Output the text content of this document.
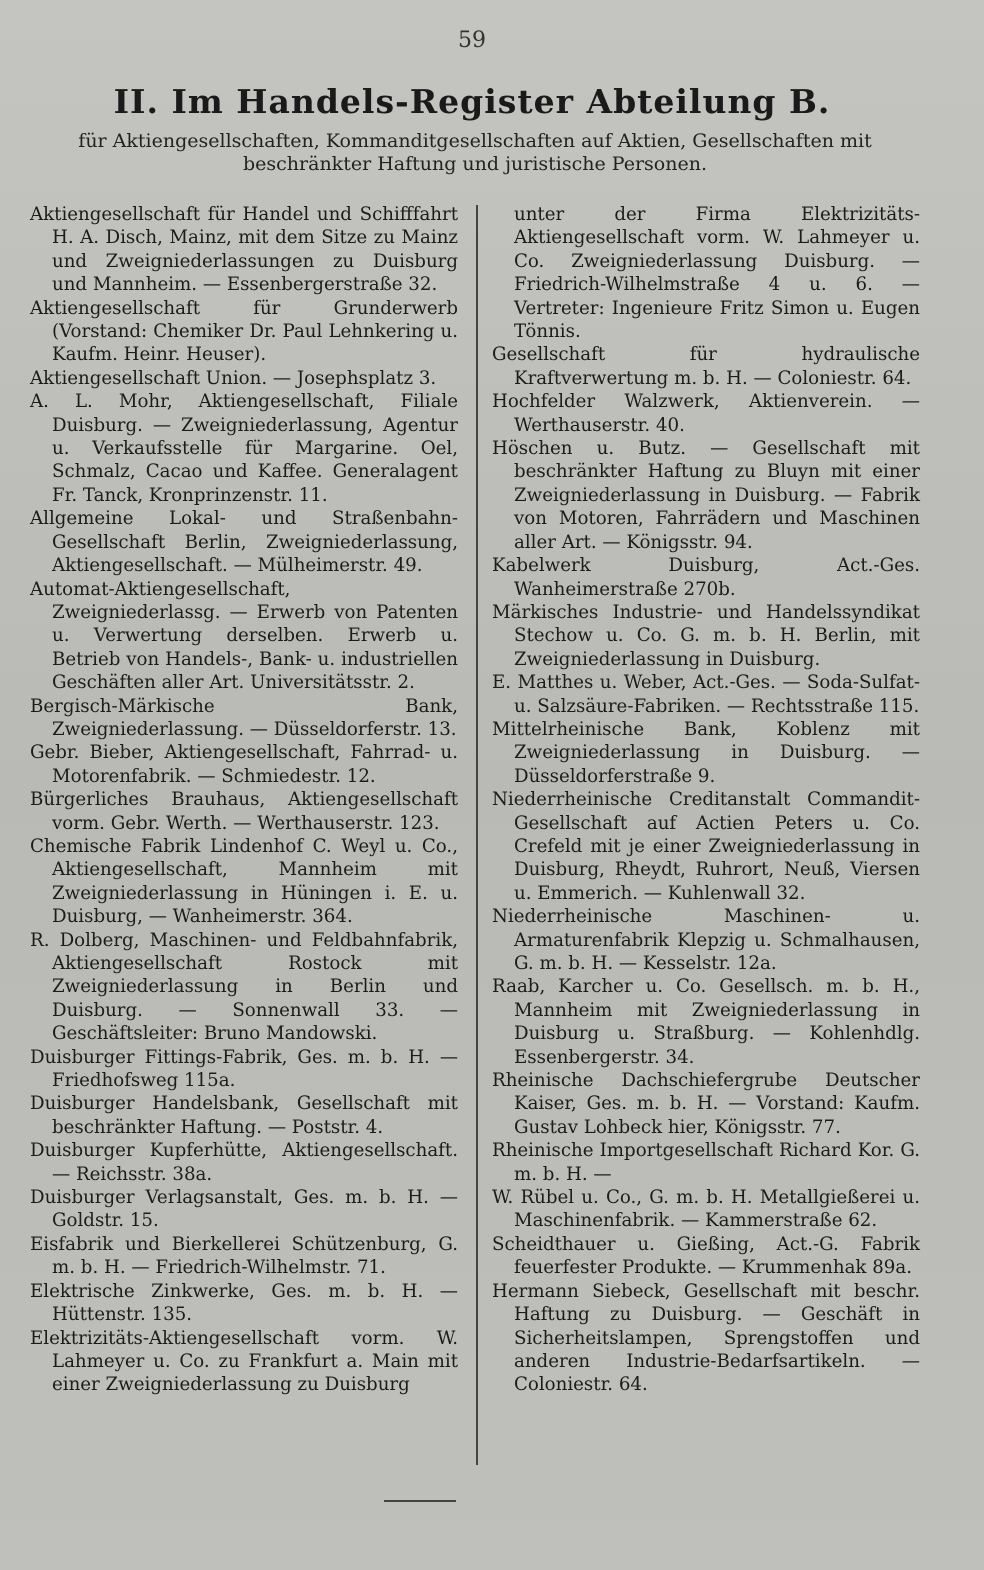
59
II. Im Handels-Register Abteilung B.
für Aktiengesellschaften, Kommanditgesellschaften auf Aktien, Gesellschaften mit beschränkter Haftung und juristische Personen.

Aktiengesellschaft für Handel und Schifffahrt H. A. Disch, Mainz, mit dem Sitze zu Mainz und Zweigniederlassungen zu Duisburg und Mannheim. — Essenbergerstraße 32.

Aktiengesellschaft für Grunderwerb (Vorstand: Chemiker Dr. Paul Lehnkering u. Kaufm. Heinr. Heuser).

Aktiengesellschaft Union. — Josephsplatz 3.

A. L. Mohr, Aktiengesellschaft, Filiale Duisburg. — Zweigniederlassung, Agentur u. Verkaufsstelle für Margarine. Oel, Schmalz, Cacao und Kaffee. Generalagent Fr. Tanck, Kronprinzenstr. 11.

Allgemeine Lokal- und Straßenbahn-Gesellschaft Berlin, Zweigniederlassung, Aktiengesellschaft. — Mülheimerstr. 49.

Automat-Aktiengesellschaft, Zweigniederlassg. — Erwerb von Patenten u. Verwertung derselben. Erwerb u. Betrieb von Handels-, Bank- u. industriellen Geschäften aller Art. Universitätsstr. 2.

Bergisch-Märkische Bank, Zweigniederlassung. — Düsseldorferstr. 13.

Gebr. Bieber, Aktiengesellschaft, Fahrrad- u. Motorenfabrik. — Schmiedestr. 12.

Bürgerliches Brauhaus, Aktiengesellschaft vorm. Gebr. Werth. — Werthauserstr. 123.

Chemische Fabrik Lindenhof C. Weyl u. Co., Aktiengesellschaft, Mannheim mit Zweigniederlassung in Hüningen i. E. u. Duisburg, — Wanheimerstr. 364.

R. Dolberg, Maschinen- und Feldbahnfabrik, Aktiengesellschaft Rostock mit Zweigniederlassung in Berlin und Duisburg. — Sonnenwall 33. — Geschäftsleiter: Bruno Mandowski.

Duisburger Fittings-Fabrik, Ges. m. b. H. — Friedhofsweg 115a.

Duisburger Handelsbank, Gesellschaft mit beschränkter Haftung. — Poststr. 4.

Duisburger Kupferhütte, Aktiengesellschaft. — Reichsstr. 38a.

Duisburger Verlagsanstalt, Ges. m. b. H. — Goldstr. 15.

Eisfabrik und Bierkellerei Schützenburg, G. m. b. H. — Friedrich-Wilhelmstr. 71.

Elektrische Zinkwerke, Ges. m. b. H. — Hüttenstr. 135.

Elektrizitäts-Aktiengesellschaft vorm. W. Lahmeyer u. Co. zu Frankfurt a. Main mit einer Zweigniederlassung zu Duisburg

unter der Firma Elektrizitäts-Aktiengesellschaft vorm. W. Lahmeyer u. Co. Zweigniederlassung Duisburg. — Friedrich-Wilhelmstraße 4 u. 6. — Vertreter: Ingenieure Fritz Simon u. Eugen Tönnis.

Gesellschaft für hydraulische Kraftverwertung m. b. H. — Coloniestr. 64.

Hochfelder Walzwerk, Aktienverein. — Werthauserstr. 40.

Höschen u. Butz. — Gesellschaft mit beschränkter Haftung zu Bluyn mit einer Zweigniederlassung in Duisburg. — Fabrik von Motoren, Fahrrädern und Maschinen aller Art. — Königsstr. 94.

Kabelwerk Duisburg, Act.-Ges. Wanheimerstraße 270b.

Märkisches Industrie- und Handelssyndikat Stechow u. Co. G. m. b. H. Berlin, mit Zweigniederlassung in Duisburg.

E. Matthes u. Weber, Act.-Ges. — Soda-Sulfat- u. Salzsäure-Fabriken. — Rechtsstraße 115.

Mittelrheinische Bank, Koblenz mit Zweigniederlassung in Duisburg. — Düsseldorferstraße 9.

Niederrheinische Creditanstalt Commandit-Gesellschaft auf Actien Peters u. Co. Crefeld mit je einer Zweigniederlassung in Duisburg, Rheydt, Ruhrort, Neuß, Viersen u. Emmerich. — Kuhlenwall 32.

Niederrheinische Maschinen- u. Armaturenfabrik Klepzig u. Schmalhausen, G. m. b. H. — Kesselstr. 12a.

Raab, Karcher u. Co. Gesellsch. m. b. H., Mannheim mit Zweigniederlassung in Duisburg u. Straßburg. — Kohlenhdlg. Essenbergerstr. 34.

Rheinische Dachschiefergrube Deutscher Kaiser, Ges. m. b. H. — Vorstand: Kaufm. Gustav Lohbeck hier, Königsstr. 77.

Rheinische Importgesellschaft Richard Kor. G. m. b. H. —

W. Rübel u. Co., G. m. b. H. Metallgießerei u. Maschinenfabrik. — Kammerstraße 62.

Scheidthauer u. Gießing, Act.-G. Fabrik feuerfester Produkte. — Krummenhak 89a.

Hermann Siebeck, Gesellschaft mit beschr. Haftung zu Duisburg. — Geschäft in Sicherheitslampen, Sprengstoffen und anderen Industrie-Bedarfsartikeln. — Coloniestr. 64.
